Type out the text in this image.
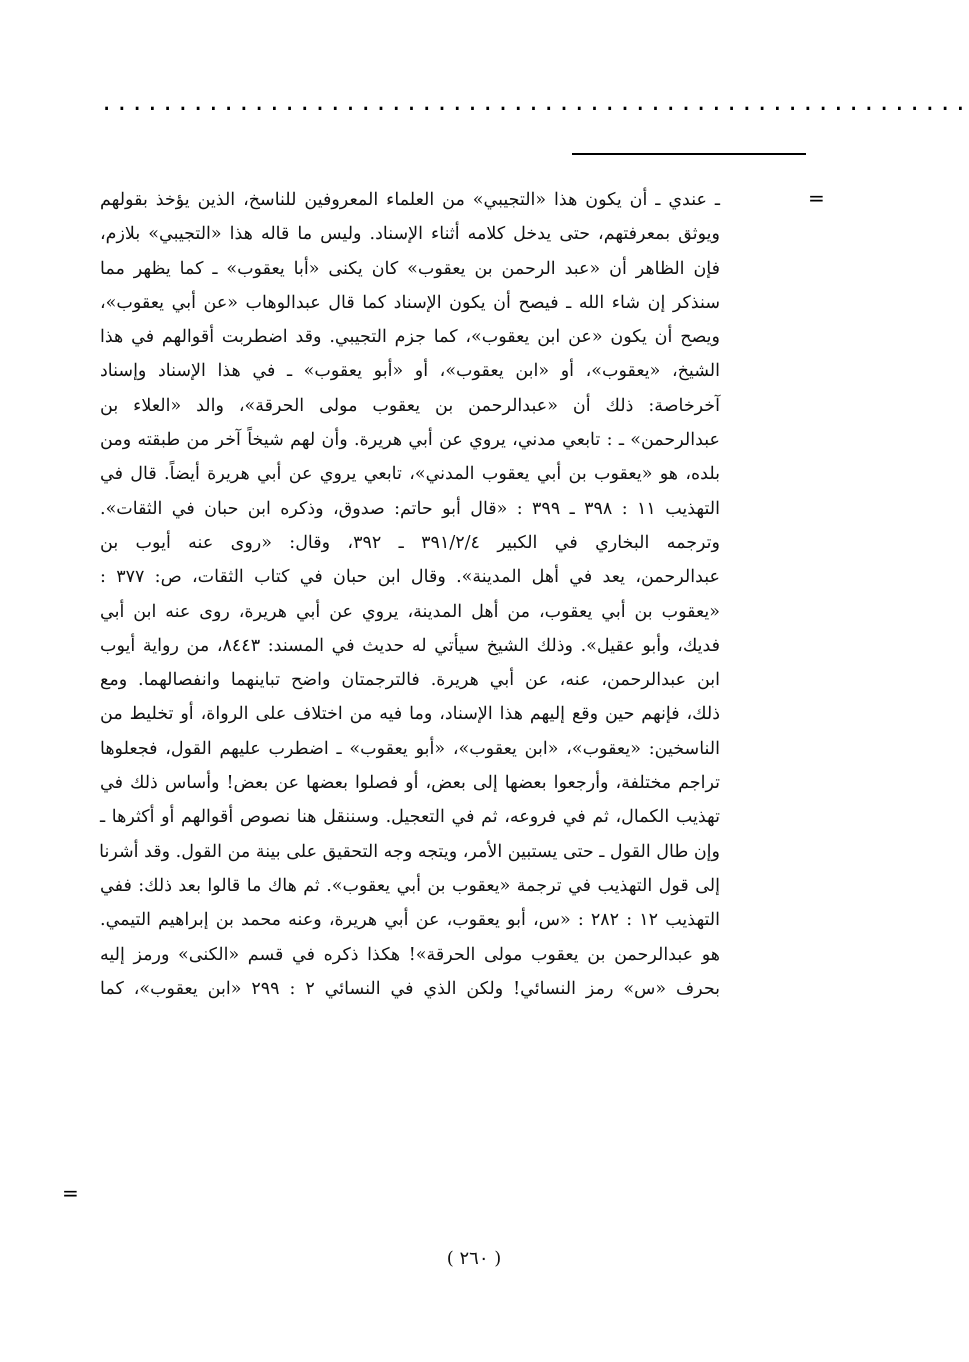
.........................................................
=
ـ عندي ـ أن يكون هذا «التجيبي» من العلماء المعروفين للناسخ، الذين يؤخذ بقولهم
ويوثق بمعرفتهم، حتى يدخل كلامه أثناء الإسناد. وليس ما قاله هذا «التجيبي» بلازم،
فإن الظاهر أن «عبد الرحمن بن يعقوب» كان يكنى «أبا يعقوب» ـ كما يظهر مما
سنذكر إن شاء الله ـ فيصح أن يكون الإسناد كما قال عبدالوهاب «عن أبي يعقوب»،
ويصح أن يكون «عن ابن يعقوب»، كما جزم التجيبي. وقد اضطربت أقوالهم في هذا
الشيخ، «يعقوب»، أو «ابن يعقوب»، أو «أبو يعقوب» ـ في هذا الإسناد وإسناد
آخرخاصة: ذلك أن «عبدالرحمن بن يعقوب مولى الحرقة»، والد «العلاء بن
عبدالرحمن» ـ : تابعي مدني، يروي عن أبي هريرة. وأن لهم شيخاً آخر من طبقته ومن
بلده، هو «يعقوب بن أبي يعقوب المدني»، تابعي يروي عن أبي هريرة أيضاً. قال في
التهذيب ١١ : ٣٩٨ ـ ٣٩٩ : «قال أبو حاتم: صدوق، وذكره ابن حبان في الثقات».
وترجمه البخاري في الكبير ٣٩١/٢/٤ ـ ٣٩٢، وقال: «روى عنه أيوب بن
عبدالرحمن، يعد في أهل المدينة». وقال ابن حبان في كتاب الثقات، ص: ٣٧٧ :
«يعقوب بن أبي يعقوب، من أهل المدينة، يروي عن أبي هريرة، روى عنه ابن أبي
فديك، وأبو عقيل». وذلك الشيخ سيأتي له حديث في المسند: ٨٤٤٣، من رواية أيوب
ابن عبدالرحمن، عنه، عن أبي هريرة. فالترجمتان واضح تباينهما وانفصالهما. ومع
ذلك، فإنهم حين وقع إليهم هذا الإسناد، وما فيه من اختلاف على الرواة، أو تخليط من
الناسخين: «يعقوب»، «ابن يعقوب»، «أبو يعقوب» ـ اضطرب عليهم القول، فجعلوها
تراجم مختلفة، وأرجعوا بعضها إلى بعض، أو فصلوا بعضها عن بعض! وأساس ذلك في
تهذيب الكمال، ثم في فروعه، ثم في التعجيل. وسننقل هنا نصوص أقوالهم أو أكثرها ـ
وإن طال القول ـ حتى يستبين الأمر، ويتجه وجه التحقيق على بينة من القول. وقد أشرنا
إلى قول التهذيب في ترجمة «يعقوب بن أبي يعقوب». ثم هاك ما قالوا بعد ذلك: ففي
التهذيب ١٢ : ٢٨٢ : «س، أبو يعقوب، عن أبي هريرة، وعنه محمد بن إبراهيم التيمي.
هو عبدالرحمن بن يعقوب مولى الحرقة»! هكذا ذكره في قسم «الكنى» ورمز إليه
بحرف «س» رمز النسائي! ولكن الذي في النسائي ٢ : ٢٩٩ «ابن يعقوب»، كما
=
( ٢٦٠ )
